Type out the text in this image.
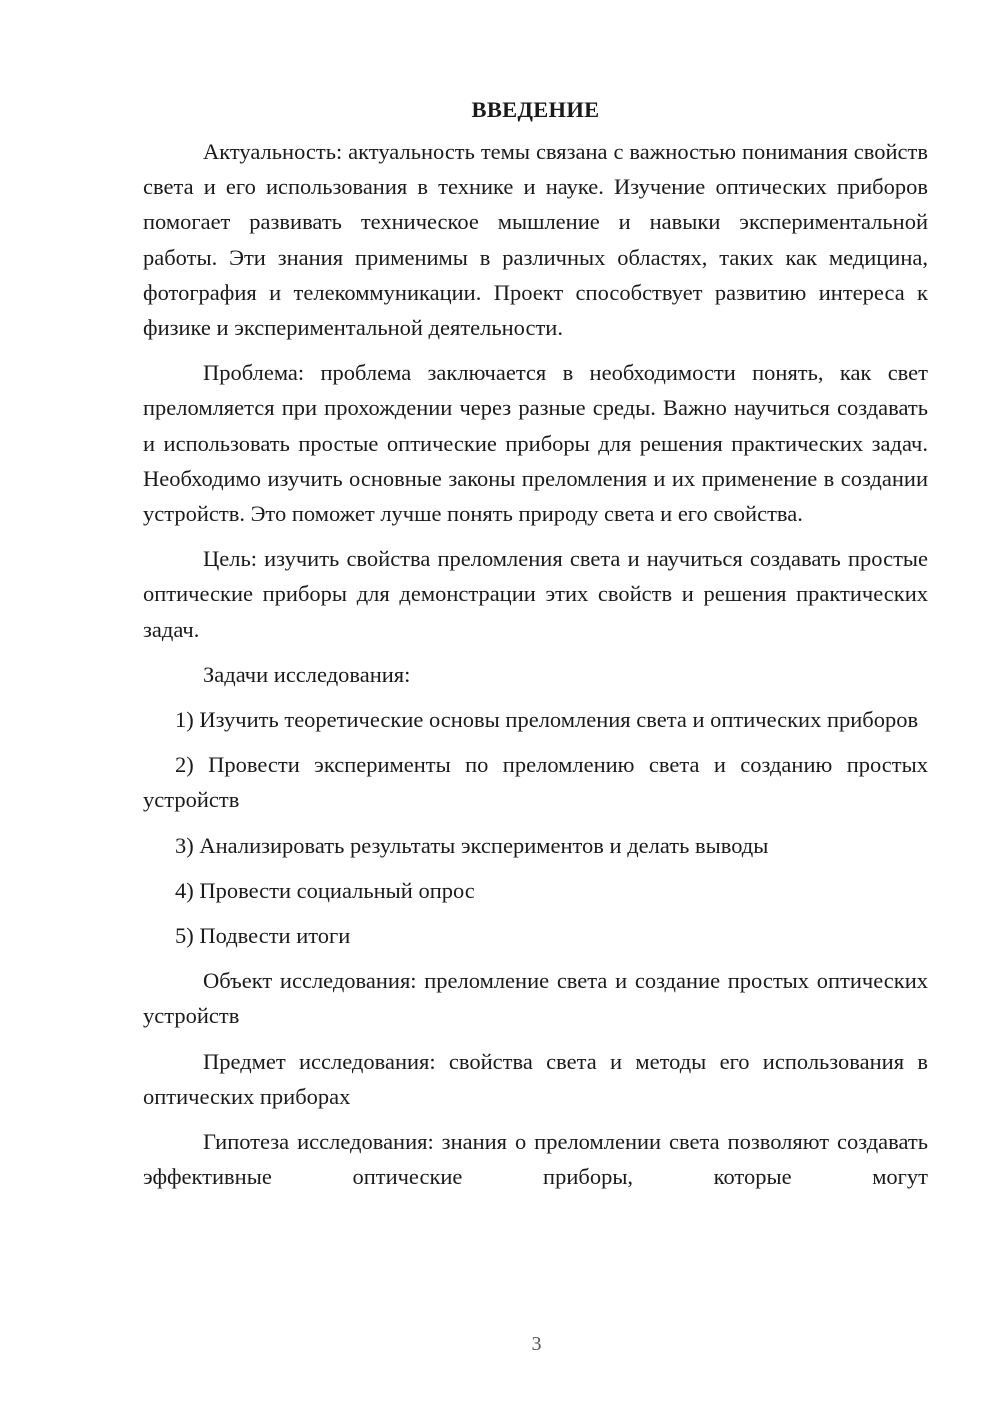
ВВЕДЕНИЕ

Актуальность: актуальность темы связана с важностью понимания свойств света и его использования в технике и науке. Изучение оптических приборов помогает развивать техническое мышление и навыки экспериментальной работы. Эти знания применимы в различных областях, таких как медицина, фотография и телекоммуникации. Проект способствует развитию интереса к физике и экспериментальной деятельности.

Проблема: проблема заключается в необходимости понять, как свет преломляется при прохождении через разные среды. Важно научиться создавать и использовать простые оптические приборы для решения практических задач. Необходимо изучить основные законы преломления и их применение в создании устройств. Это поможет лучше понять природу света и его свойства.

Цель: изучить свойства преломления света и научиться создавать простые оптические приборы для демонстрации этих свойств и решения практических задач.

Задачи исследования:

1) Изучить теоретические основы преломления света и оптических приборов

2) Провести эксперименты по преломлению света и созданию простых устройств

3) Анализировать результаты экспериментов и делать выводы

4) Провести социальный опрос

5) Подвести итоги

Объект исследования: преломление света и создание простых оптических устройств

Предмет исследования: свойства света и методы его использования в оптических приборах

Гипотеза исследования: знания о преломлении света позволяют создавать эффективные оптические приборы, которые могут

3
